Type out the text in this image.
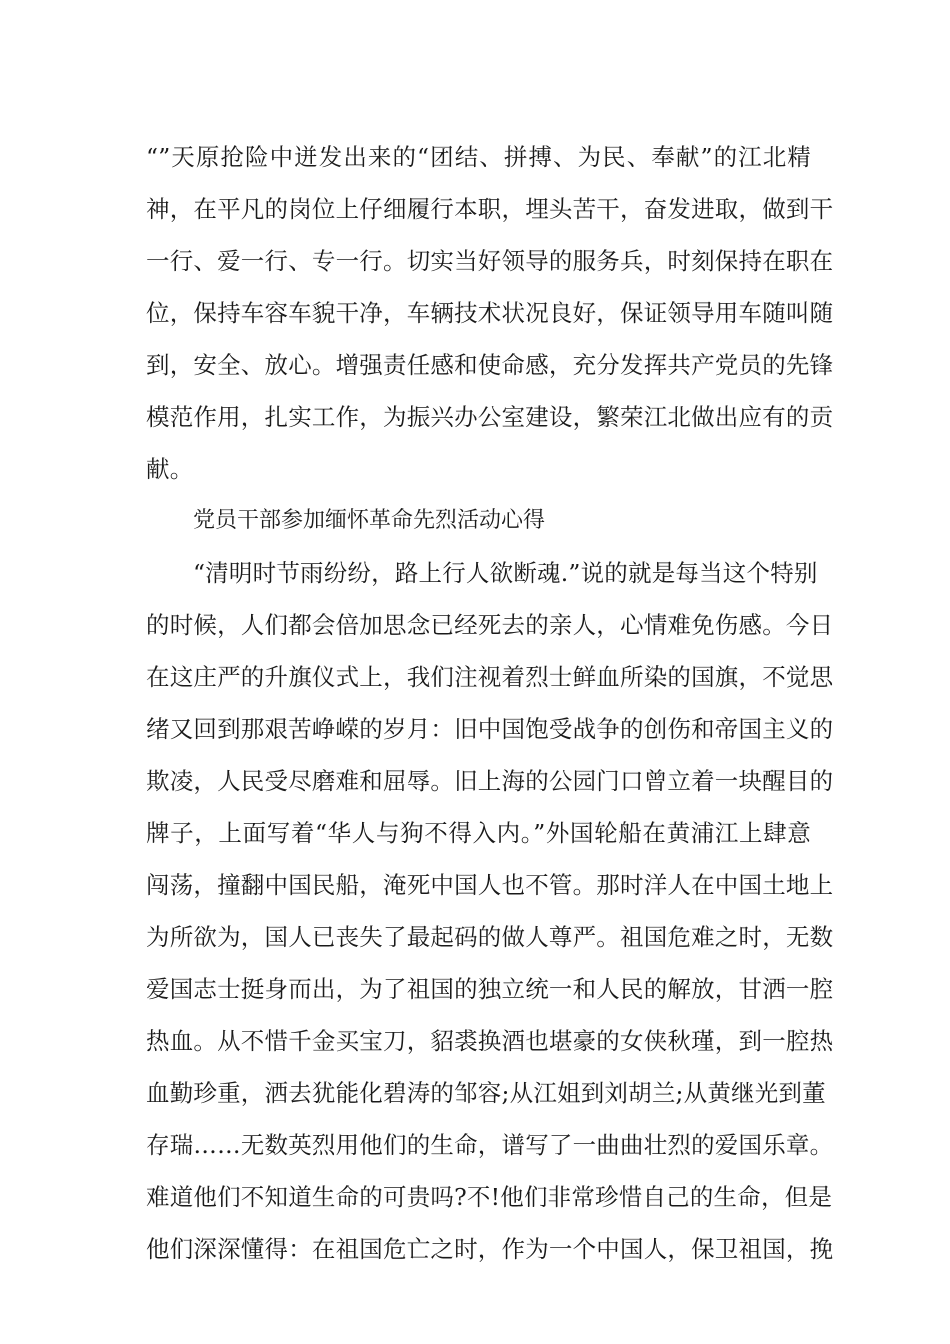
“”天原抢险中迸发出来的“团结、拼搏、为民、奉献”的江北精
神，在平凡的岗位上仔细履行本职，埋头苦干，奋发进取，做到干
一行、爱一行、专一行。切实当好领导的服务兵，时刻保持在职在
位，保持车容车貌干净，车辆技术状况良好，保证领导用车随叫随
到，安全、放心。增强责任感和使命感，充分发挥共产党员的先锋
模范作用，扎实工作，为振兴办公室建设，繁荣江北做出应有的贡
献。
党员干部参加缅怀革命先烈活动心得
“清明时节雨纷纷，路上行人欲断魂.”说的就是每当这个特别
的时候，人们都会倍加思念已经死去的亲人，心情难免伤感。今日
在这庄严的升旗仪式上，我们注视着烈士鲜血所染的国旗，不觉思
绪又回到那艰苦峥嵘的岁月：旧中国饱受战争的创伤和帝国主义的
欺凌，人民受尽磨难和屈辱。旧上海的公园门口曾立着一块醒目的
牌子，上面写着“华人与狗不得入内。”外国轮船在黄浦江上肆意
闯荡，撞翻中国民船，淹死中国人也不管。那时洋人在中国土地上
为所欲为，国人已丧失了最起码的做人尊严。祖国危难之时，无数
爱国志士挺身而出，为了祖国的独立统一和人民的解放，甘洒一腔
热血。从不惜千金买宝刀，貂裘换酒也堪豪的女侠秋瑾，到一腔热
血勤珍重，洒去犹能化碧涛的邹容;从江姐到刘胡兰;从黄继光到董
存瑞……无数英烈用他们的生命，谱写了一曲曲壮烈的爱国乐章。
难道他们不知道生命的可贵吗?不!他们非常珍惜自己的生命，但是
他们深深懂得：在祖国危亡之时，作为一个中国人，保卫祖国，挽
